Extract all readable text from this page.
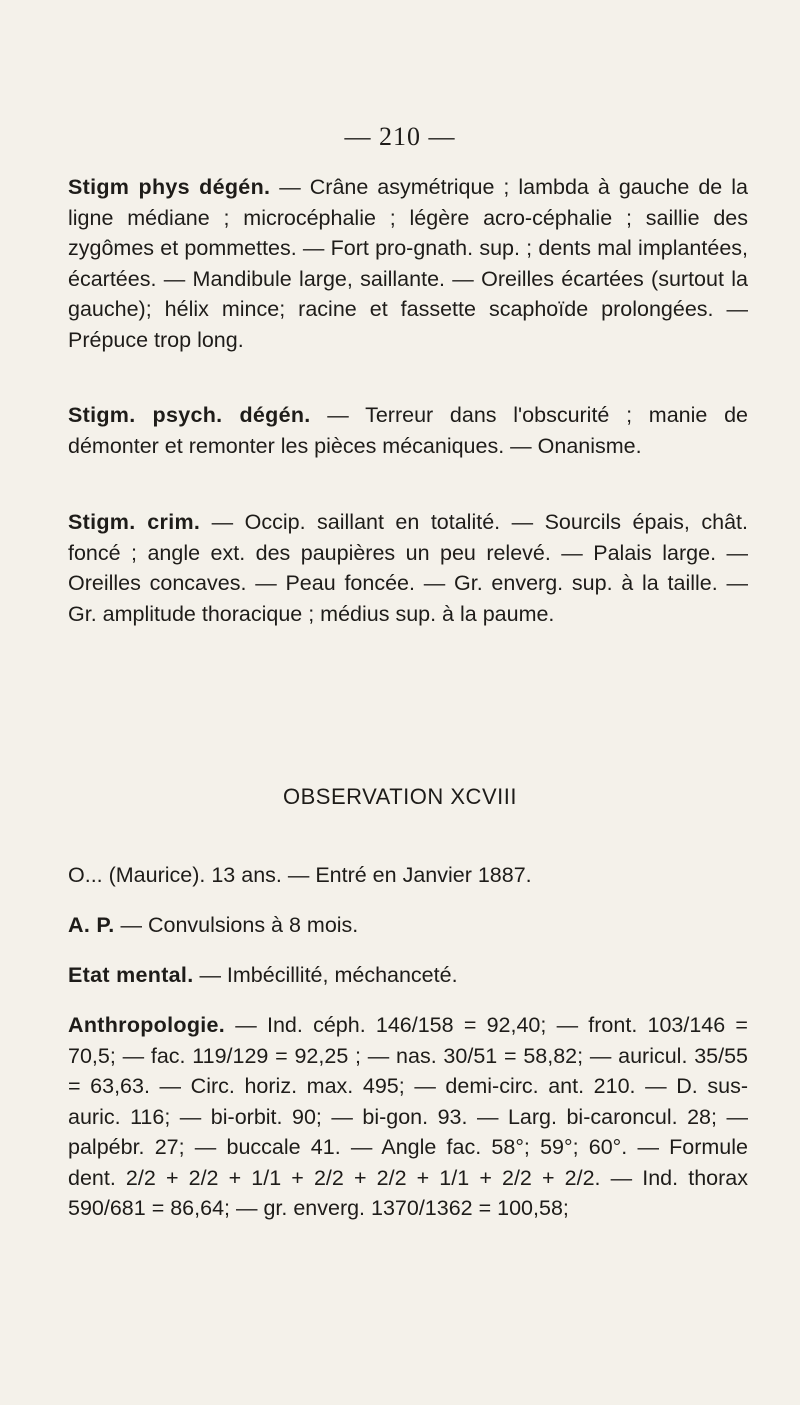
— 210 —

Stigm phys dégén. — Crâne asymétrique ; lambda à gauche de la ligne médiane ; microcéphalie ; légère acro-céphalie ; saillie des zygômes et pommettes. — Fort pro-gnath. sup. ; dents mal implantées, écartées. — Mandibule large, saillante. — Oreilles écartées (surtout la gauche); hélix mince; racine et fassette scaphoïde prolongées. — Prépuce trop long.

Stigm. psych. dégén. — Terreur dans l'obscurité ; manie de démonter et remonter les pièces mécaniques. — Onanisme.

Stigm. crim. — Occip. saillant en totalité. — Sourcils épais, chât. foncé ; angle ext. des paupières un peu relevé. — Palais large. — Oreilles concaves. — Peau foncée. — Gr. enverg. sup. à la taille. — Gr. amplitude thoracique ; médius sup. à la paume.

OBSERVATION XCVIII

O... (Maurice). 13 ans. — Entré en Janvier 1887.

A. P. — Convulsions à 8 mois.

Etat mental. — Imbécillité, méchanceté.

Anthropologie. — Ind. céph. 146/158 = 92,40; — front. 103/146 = 70,5; — fac. 119/129 = 92,25 ; — nas. 30/51 = 58,82; — auricul. 35/55 = 63,63. — Circ. horiz. max. 495; — demi-circ. ant. 210. — D. sus-auric. 116; — bi-orbit. 90; — bi-gon. 93. — Larg. bi-caroncul. 28; — palpébr. 27; — buccale 41. — Angle fac. 58°; 59°; 60°. — Formule dent. 2/2 + 2/2 + 1/1 + 2/2 + 2/2 + 1/1 + 2/2 + 2/2. — Ind. thorax 590/681 = 86,64; — gr. enverg. 1370/1362 = 100,58;
